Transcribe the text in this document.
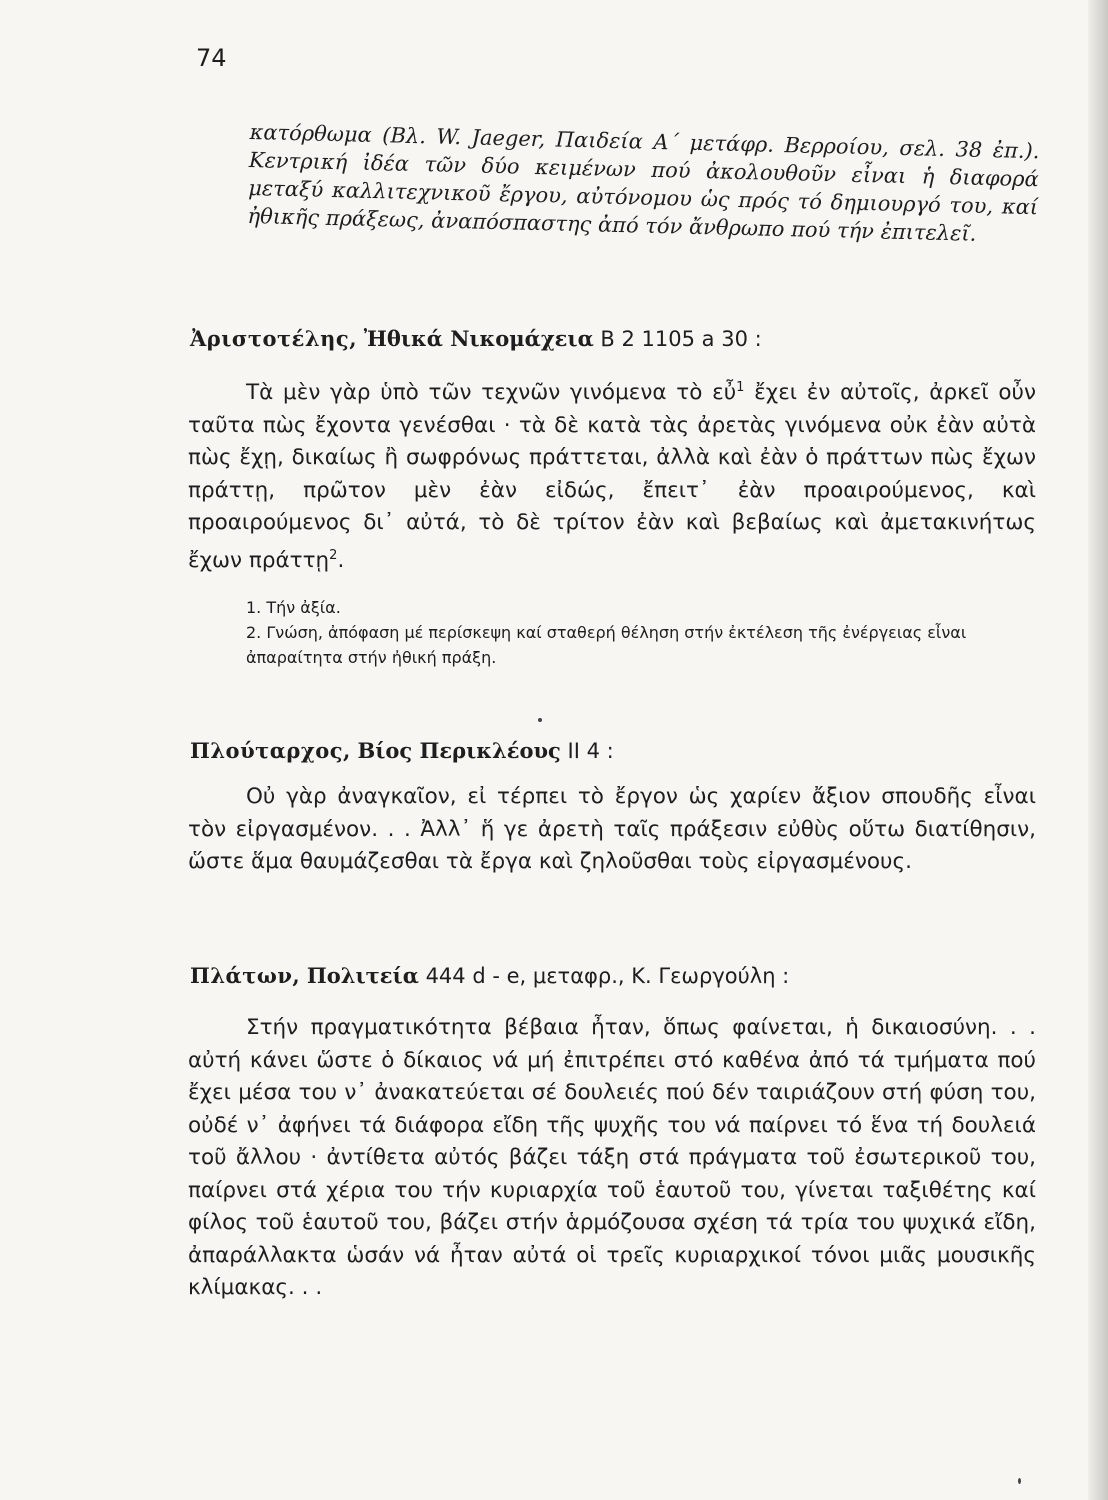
74

κατόρθωμα (Βλ. W. Jaeger, Παιδεία Α΄ μετάφρ. Βερροίου, σελ. 38 ἐπ.). Κεντρική ἰδέα τῶν δύο κειμένων πού ἀκολουθοῦν εἶναι ἡ διαφορά μεταξύ καλλιτεχνικοῦ ἔργου, αὐτόνομου ὡς πρός τό δημιουργό του, καί ἠθικῆς πράξεως, ἀναπόσπαστης ἀπό τόν ἄνθρωπο πού τήν ἐπιτελεῖ.

Ἀριστοτέλης, Ἠθικά Νικομάχεια Β 2 1105 a 30 :

Τὰ μὲν γὰρ ὑπὸ τῶν τεχνῶν γινόμενα τὸ εὖ$^1$ ἔχει ἐν αὐτοῖς, ἀρκεῖ οὖν ταῦτα πὼς ἔχοντα γενέσθαι · τὰ δὲ κατὰ τὰς ἀρετὰς γινόμενα οὐκ ἐὰν αὐτὰ πὼς ἔχῃ, δικαίως ἢ σωφρόνως πράττεται, ἀλλὰ καὶ ἐὰν ὁ πράττων πὼς ἔχων πράττῃ, πρῶτον μὲν ἐὰν εἰδώς, ἔπειτ᾽ ἐὰν προαιρούμενος, καὶ προαιρούμενος δι᾽ αὐτά, τὸ δὲ τρίτον ἐὰν καὶ βεβαίως καὶ ἀμετακινήτως ἔχων πράττῃ$^2$.

1. Τήν ἀξία.
2. Γνώση, ἀπόφαση μέ περίσκεψη καί σταθερή θέληση στήν ἐκτέλεση τῆς ἐνέργειας εἶναι ἀπαραίτητα στήν ἠθική πράξη.
Πλούταρχος, Βίος Περικλέους ΙΙ 4 :

Οὐ γὰρ ἀναγκαῖον, εἰ τέρπει τὸ ἔργον ὡς χαρίεν ἄξιον σπουδῆς εἶναι τὸν εἰργασμένον. . . Ἀλλ᾽ ἥ γε ἀρετὴ ταῖς πράξεσιν εὐθὺς οὕτω διατίθησιν, ὥστε ἅμα θαυμάζεσθαι τὰ ἔργα καὶ ζηλοῦσθαι τοὺς εἰργασμένους.

Πλάτων, Πολιτεία 444 d - e, μεταφρ., Κ. Γεωργούλη :

Στήν πραγματικότητα βέβαια ἦταν, ὅπως φαίνεται, ἡ δικαιοσύνη. . . αὐτή κάνει ὥστε ὁ δίκαιος νά μή ἐπιτρέπει στό καθένα ἀπό τά τμήματα πού ἔχει μέσα του ν᾽ ἀνακατεύεται σέ δουλειές πού δέν ταιριάζουν στή φύση του, οὐδέ ν᾽ ἀφήνει τά διάφορα εἴδη τῆς ψυχῆς του νά παίρνει τό ἕνα τή δουλειά τοῦ ἄλλου · ἀντίθετα αὐτός βάζει τάξη στά πράγματα τοῦ ἐσωτερικοῦ του, παίρνει στά χέρια του τήν κυριαρχία τοῦ ἑαυτοῦ του, γίνεται ταξιθέτης καί φίλος τοῦ ἑαυτοῦ του, βάζει στήν ἁρμόζουσα σχέση τά τρία του ψυχικά εἴδη, ἀπαράλλακτα ὡσάν νά ἦταν αὐτά οἱ τρεῖς κυριαρχικοί τόνοι μιᾶς μουσικῆς κλίμακας. . .
